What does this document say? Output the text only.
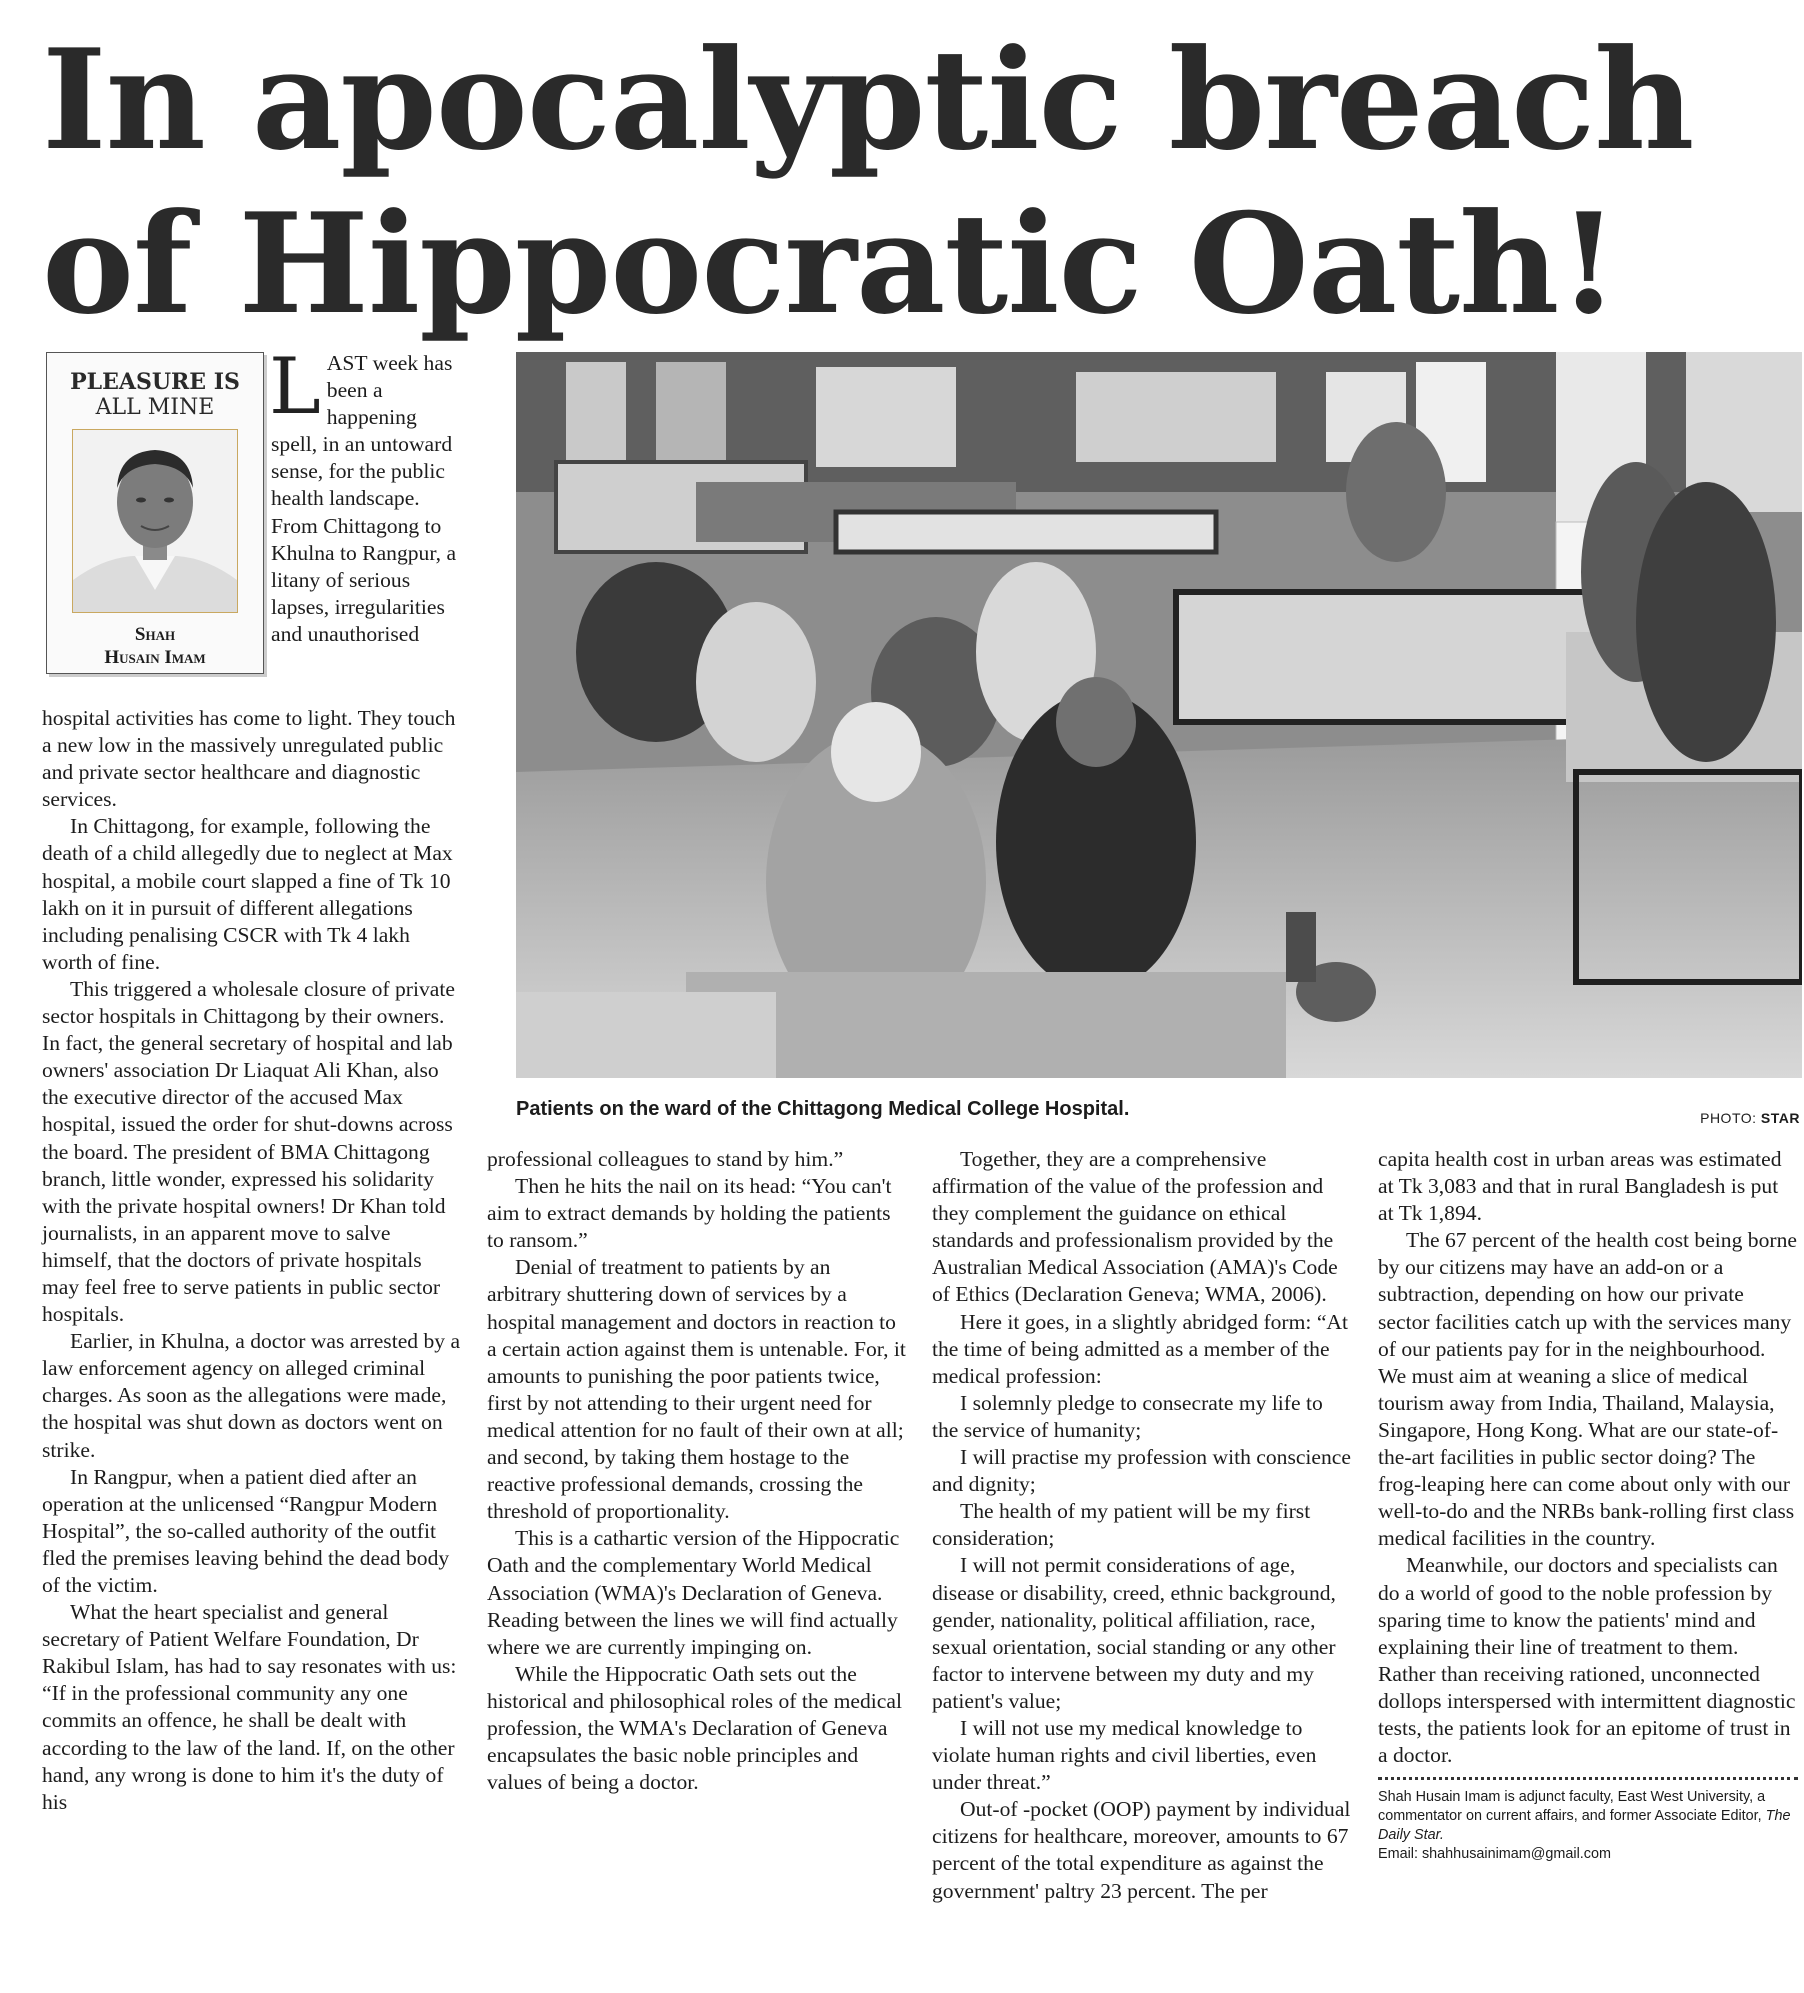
In apocalyptic breach of Hippocratic Oath!
PLEASURE IS
ALL MINE
Shah
Husain Imam
LAST week has been a happening spell, in an untoward sense, for the public health landscape. From Chittagong to Khulna to Rangpur, a litany of serious lapses, irregularities and unauthorised

hospital activities has come to light. They touch a new low in the massively unregulated public and private sector healthcare and diagnostic services.

In Chittagong, for example, following the death of a child allegedly due to neglect at Max hospital, a mobile court slapped a fine of Tk 10 lakh on it in pursuit of different allegations including penalising CSCR with Tk 4 lakh worth of fine.

This triggered a wholesale closure of private sector hospitals in Chittagong by their owners. In fact, the general secretary of hospital and lab owners' association Dr Liaquat Ali Khan, also the executive director of the accused Max hospital, issued the order for shut-downs across the board. The president of BMA Chittagong branch, little wonder, expressed his solidarity with the private hospital owners! Dr Khan told journalists, in an apparent move to salve himself, that the doctors of private hospitals may feel free to serve patients in public sector hospitals.

Earlier, in Khulna, a doctor was arrested by a law enforcement agency on alleged criminal charges. As soon as the allegations were made, the hospital was shut down as doctors went on strike.

In Rangpur, when a patient died after an operation at the unlicensed “Rangpur Modern Hospital”, the so-called authority of the outfit fled the premises leaving behind the dead body of the victim.

What the heart specialist and general secretary of Patient Welfare Foundation, Dr Rakibul Islam, has had to say resonates with us: “If in the professional community any one commits an offence, he shall be dealt with according to the law of the land. If, on the other hand, any wrong is done to him it's the duty of his

Patients on the ward of the Chittagong Medical College Hospital.	PHOTO: STAR

professional colleagues to stand by him.”

Then he hits the nail on its head: “You can't aim to extract demands by holding the patients to ransom.”

Denial of treatment to patients by an arbitrary shuttering down of services by a hospital management and doctors in reaction to a certain action against them is untenable. For, it amounts to punishing the poor patients twice, first by not attending to their urgent need for medical attention for no fault of their own at all; and second, by taking them hostage to the reactive professional demands, crossing the threshold of proportionality.

This is a cathartic version of the Hippocratic Oath and the complementary World Medical Association (WMA)'s Declaration of Geneva. Reading between the lines we will find actually where we are currently impinging on.

While the Hippocratic Oath sets out the historical and philosophical roles of the medical profession, the WMA's Declaration of Geneva encapsulates the basic noble principles and values of being a doctor.

Together, they are a comprehensive affirmation of the value of the profession and they complement the guidance on ethical standards and professionalism provided by the Australian Medical Association (AMA)'s Code of Ethics (Declaration Geneva; WMA, 2006).

Here it goes, in a slightly abridged form: “At the time of being admitted as a member of the medical profession:

I solemnly pledge to consecrate my life to the service of humanity;

I will practise my profession with conscience and dignity;

The health of my patient will be my first consideration;

I will not permit considerations of age, disease or disability, creed, ethnic background, gender, nationality, political affiliation, race, sexual orientation, social standing or any other factor to intervene between my duty and my patient's value;

I will not use my medical knowledge to violate human rights and civil liberties, even under threat.”

Out-of -pocket (OOP) payment by individual citizens for healthcare, moreover, amounts to 67 percent of the total expenditure as against the government' paltry 23 percent. The per

capita health cost in urban areas was estimated at Tk 3,083 and that in rural Bangladesh is put at Tk 1,894.

The 67 percent of the health cost being borne by our citizens may have an add-on or a subtraction, depending on how our private sector facilities catch up with the services many of our patients pay for in the neighbourhood. We must aim at weaning a slice of medical tourism away from India, Thailand, Malaysia, Singapore, Hong Kong. What are our state-of-the-art facilities in public sector doing? The frog-leaping here can come about only with our well-to-do and the NRBs bank-rolling first class medical facilities in the country.

Meanwhile, our doctors and specialists can do a world of good to the noble profession by sparing time to know the patients' mind and explaining their line of treatment to them. Rather than receiving rationed, unconnected dollops interspersed with intermittent diagnostic tests, the patients look for an epitome of trust in a doctor.

Shah Husain Imam is adjunct faculty, East West University, a commentator on current affairs, and former Associate Editor, The Daily Star.
Email: shahhusainimam@gmail.com
